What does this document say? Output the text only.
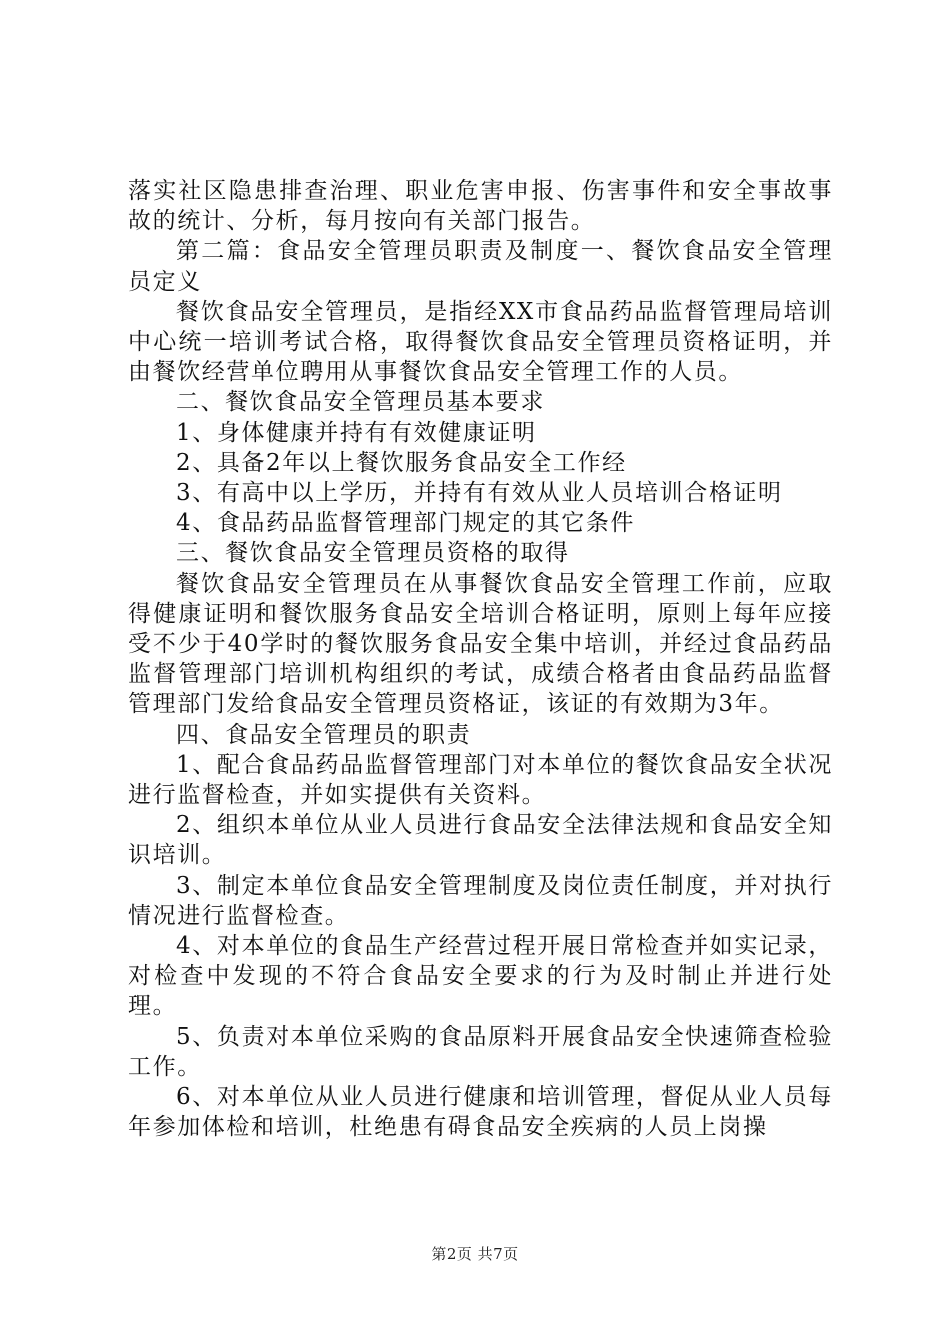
落实社区隐患排查治理、职业危害申报、伤害事件和安全事故事故的统计、分析，每月按向有关部门报告。

第二篇：食品安全管理员职责及制度一、餐饮食品安全管理员定义

餐饮食品安全管理员，是指经XX市食品药品监督管理局培训中心统一培训考试合格，取得餐饮食品安全管理员资格证明，并由餐饮经营单位聘用从事餐饮食品安全管理工作的人员。

二、餐饮食品安全管理员基本要求

1、身体健康并持有有效健康证明

2、具备2年以上餐饮服务食品安全工作经

3、有高中以上学历，并持有有效从业人员培训合格证明

4、食品药品监督管理部门规定的其它条件

三、餐饮食品安全管理员资格的取得

餐饮食品安全管理员在从事餐饮食品安全管理工作前，应取得健康证明和餐饮服务食品安全培训合格证明，原则上每年应接受不少于40学时的餐饮服务食品安全集中培训，并经过食品药品监督管理部门培训机构组织的考试，成绩合格者由食品药品监督管理部门发给食品安全管理员资格证，该证的有效期为3年。

四、食品安全管理员的职责

1、配合食品药品监督管理部门对本单位的餐饮食品安全状况进行监督检查，并如实提供有关资料。

2、组织本单位从业人员进行食品安全法律法规和食品安全知识培训。

3、制定本单位食品安全管理制度及岗位责任制度，并对执行情况进行监督检查。

4、对本单位的食品生产经营过程开展日常检查并如实记录，对检查中发现的不符合食品安全要求的行为及时制止并进行处理。

5、负责对本单位采购的食品原料开展食品安全快速筛查检验工作。

6、对本单位从业人员进行健康和培训管理，督促从业人员每年参加体检和培训，杜绝患有碍食品安全疾病的人员上岗操

第2页 共7页
